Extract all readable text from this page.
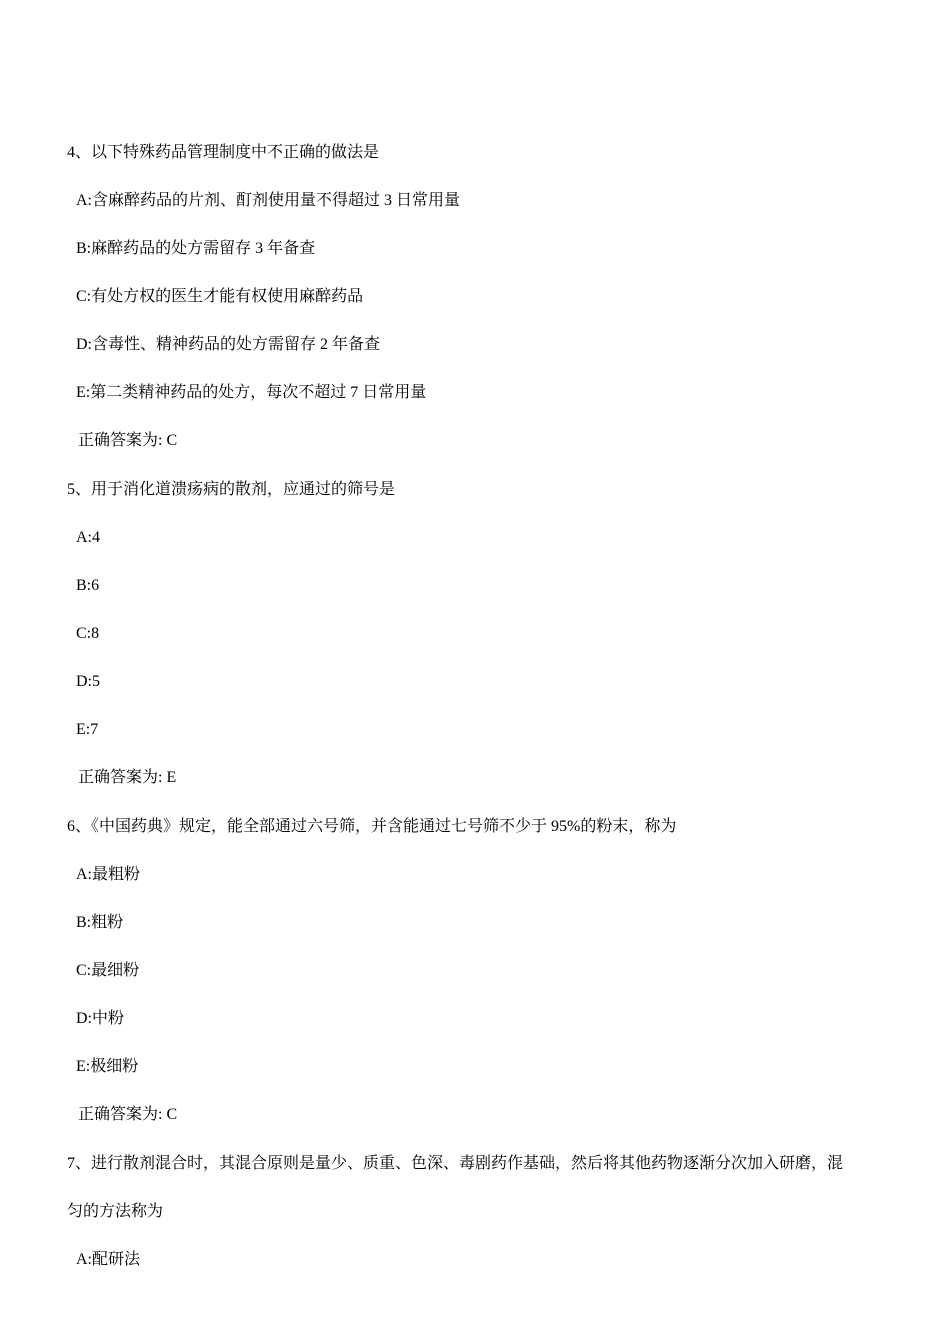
4、以下特殊药品管理制度中不正确的做法是
A:含麻醉药品的片剂、酊剂使用量不得超过 3 日常用量
B:麻醉药品的处方需留存 3 年备查
C:有处方权的医生才能有权使用麻醉药品
D:含毒性、精神药品的处方需留存 2 年备查
E:第二类精神药品的处方，每次不超过 7 日常用量
正确答案为: C
5、用于消化道溃疡病的散剂，应通过的筛号是
A:4
B:6
C:8
D:5
E:7
正确答案为: E
6、《中国药典》规定，能全部通过六号筛，并含能通过七号筛不少于 95%的粉末，称为
A:最粗粉
B:粗粉
C:最细粉
D:中粉
E:极细粉
正确答案为: C
7、进行散剂混合时，其混合原则是量少、质重、色深、毒剧药作基础，然后将其他药物逐渐分次加入研磨，混
匀的方法称为
A:配研法
